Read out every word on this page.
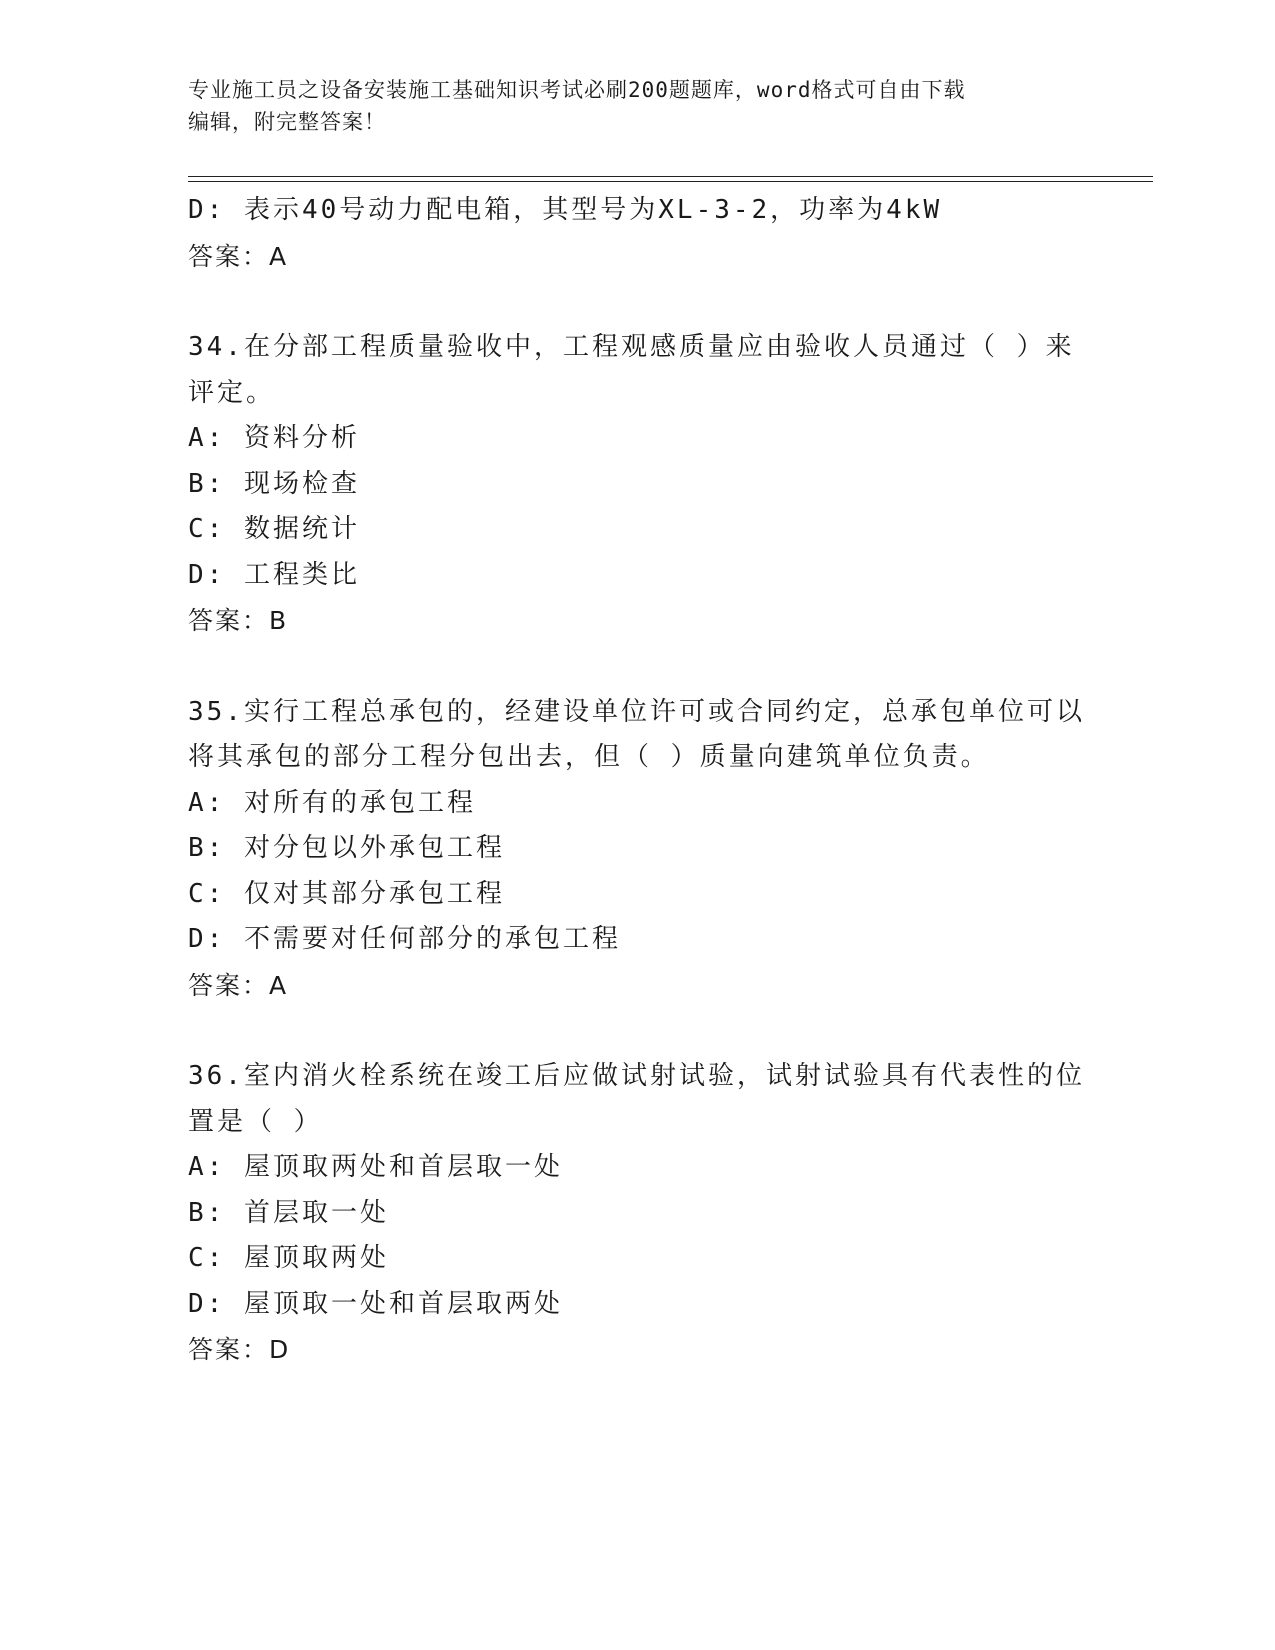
专业施工员之设备安装施工基础知识考试必刷200题题库，word格式可自由下载
编辑，附完整答案！
D: 表示40号动力配电箱，其型号为XL-3-2，功率为4kW
答案：A
34.在分部工程质量验收中，工程观感质量应由验收人员通过（ ）来
评定。
A: 资料分析
B: 现场检查
C: 数据统计
D: 工程类比
答案：B
35.实行工程总承包的，经建设单位许可或合同约定，总承包单位可以
将其承包的部分工程分包出去，但（ ）质量向建筑单位负责。
A: 对所有的承包工程
B: 对分包以外承包工程
C: 仅对其部分承包工程
D: 不需要对任何部分的承包工程
答案：A
36.室内消火栓系统在竣工后应做试射试验，试射试验具有代表性的位
置是（ ）
A: 屋顶取两处和首层取一处
B: 首层取一处
C: 屋顶取两处
D: 屋顶取一处和首层取两处
答案：D
